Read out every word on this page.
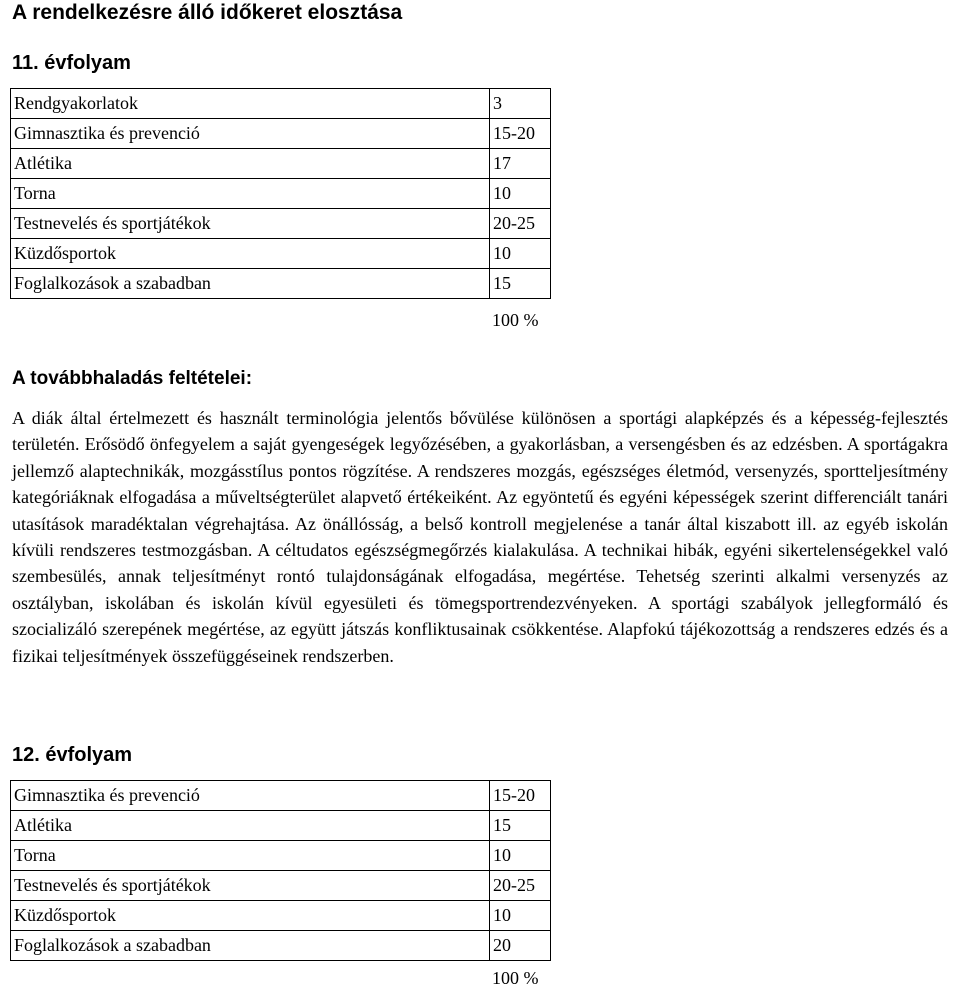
A rendelkezésre álló időkeret elosztása
11. évfolyam
Rendgyakorlatok	3
Gimnasztika és prevenció	15-20
Atlétika	17
Torna	10
Testnevelés és sportjátékok	20-25
Küzdősportok	10
Foglalkozások a szabadban	15
100 %
A továbbhaladás feltételei:

A diák által értelmezett és használt terminológia jelentős bővülése különösen a sportági alapképzés és a képesség-fejlesztés területén. Erősödő önfegyelem a saját gyengeségek legyőzésében, a gyakorlásban, a versengésben és az edzésben. A sportágakra jellemző alaptechnikák, mozgásstílus pontos rögzítése. A rendszeres mozgás, egészséges életmód, versenyzés, sportteljesítmény kategóriáknak elfogadása a műveltségterület alapvető értékeiként. Az egyöntetű és egyéni képességek szerint differenciált tanári utasítások maradéktalan végrehajtása. Az önállósság, a belső kontroll megjelenése a tanár által kiszabott ill. az egyéb iskolán kívüli rendszeres testmozgásban. A céltudatos egészségmegőrzés kialakulása. A technikai hibák, egyéni sikertelenségekkel való szembesülés, annak teljesítményt rontó tulajdonságának elfogadása, megértése. Tehetség szerinti alkalmi versenyzés az osztályban, iskolában és iskolán kívül egyesületi és tömegsportrendezvényeken. A sportági szabályok jellegformáló és szocializáló szerepének megértése, az együtt játszás konfliktusainak csökkentése. Alapfokú tájékozottság a rendszeres edzés és a fizikai teljesítmények összefüggéseinek rendszerben.

12. évfolyam
Gimnasztika és prevenció	15-20
Atlétika	15
Torna	10
Testnevelés és sportjátékok	20-25
Küzdősportok	10
Foglalkozások a szabadban	20
100 %
